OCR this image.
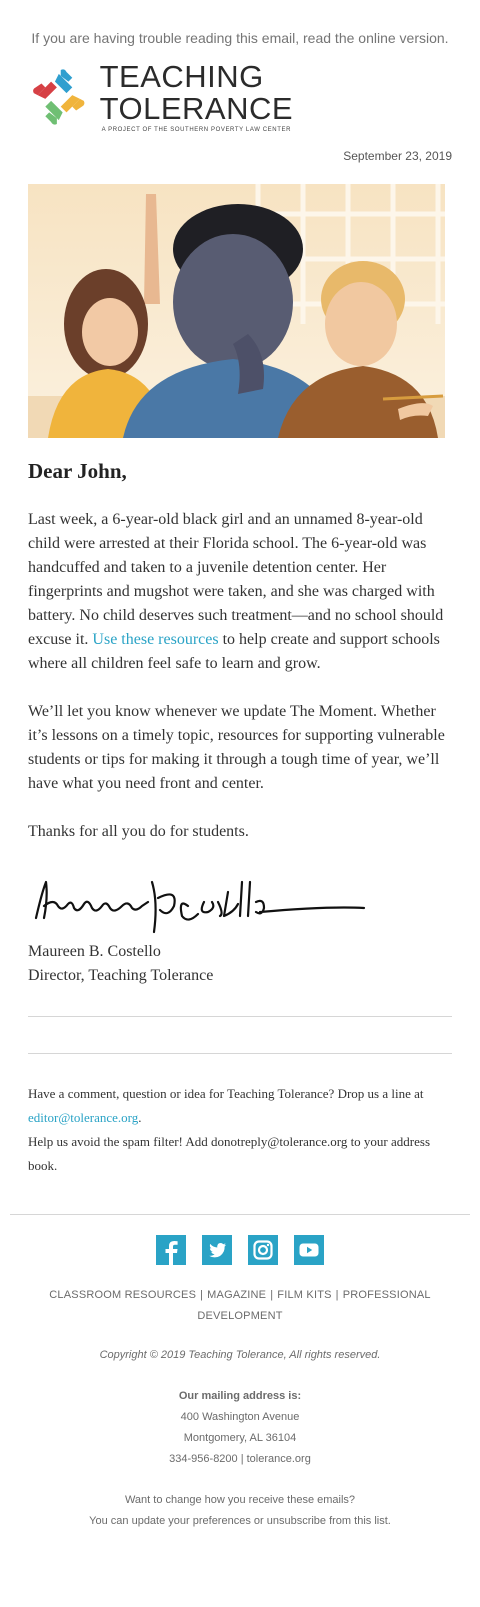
If you are having trouble reading this email, read the online version.
TEACHING TOLERANCE
A PROJECT OF THE SOUTHERN POVERTY LAW CENTER
September 23, 2019
Dear John,

Last week, a 6-year-old black girl and an unnamed 8-year-old child were arrested at their Florida school. The 6-year-old was handcuffed and taken to a juvenile detention center. Her fingerprints and mugshot were taken, and she was charged with battery. No child deserves such treatment—and no school should excuse it. Use these resources to help create and support schools where all children feel safe to learn and grow.

We’ll let you know whenever we update The Moment. Whether it’s lessons on a timely topic, resources for supporting vulnerable students or tips for making it through a tough time of year, we’ll have what you need front and center.

Thanks for all you do for students.

Maureen B. Costello
Director, Teaching Tolerance

Have a comment, question or idea for Teaching Tolerance? Drop us a line at editor@tolerance.org.

Help us avoid the spam filter! Add donotreply@tolerance.org to your address book.

CLASSROOM RESOURCES | MAGAZINE | FILM KITS | PROFESSIONAL DEVELOPMENT
Copyright © 2019 Teaching Tolerance, All rights reserved.
Our mailing address is:
400 Washington Avenue
Montgomery, AL 36104
334-956-8200 | tolerance.org
Want to change how you receive these emails?
You can update your preferences or unsubscribe from this list.
